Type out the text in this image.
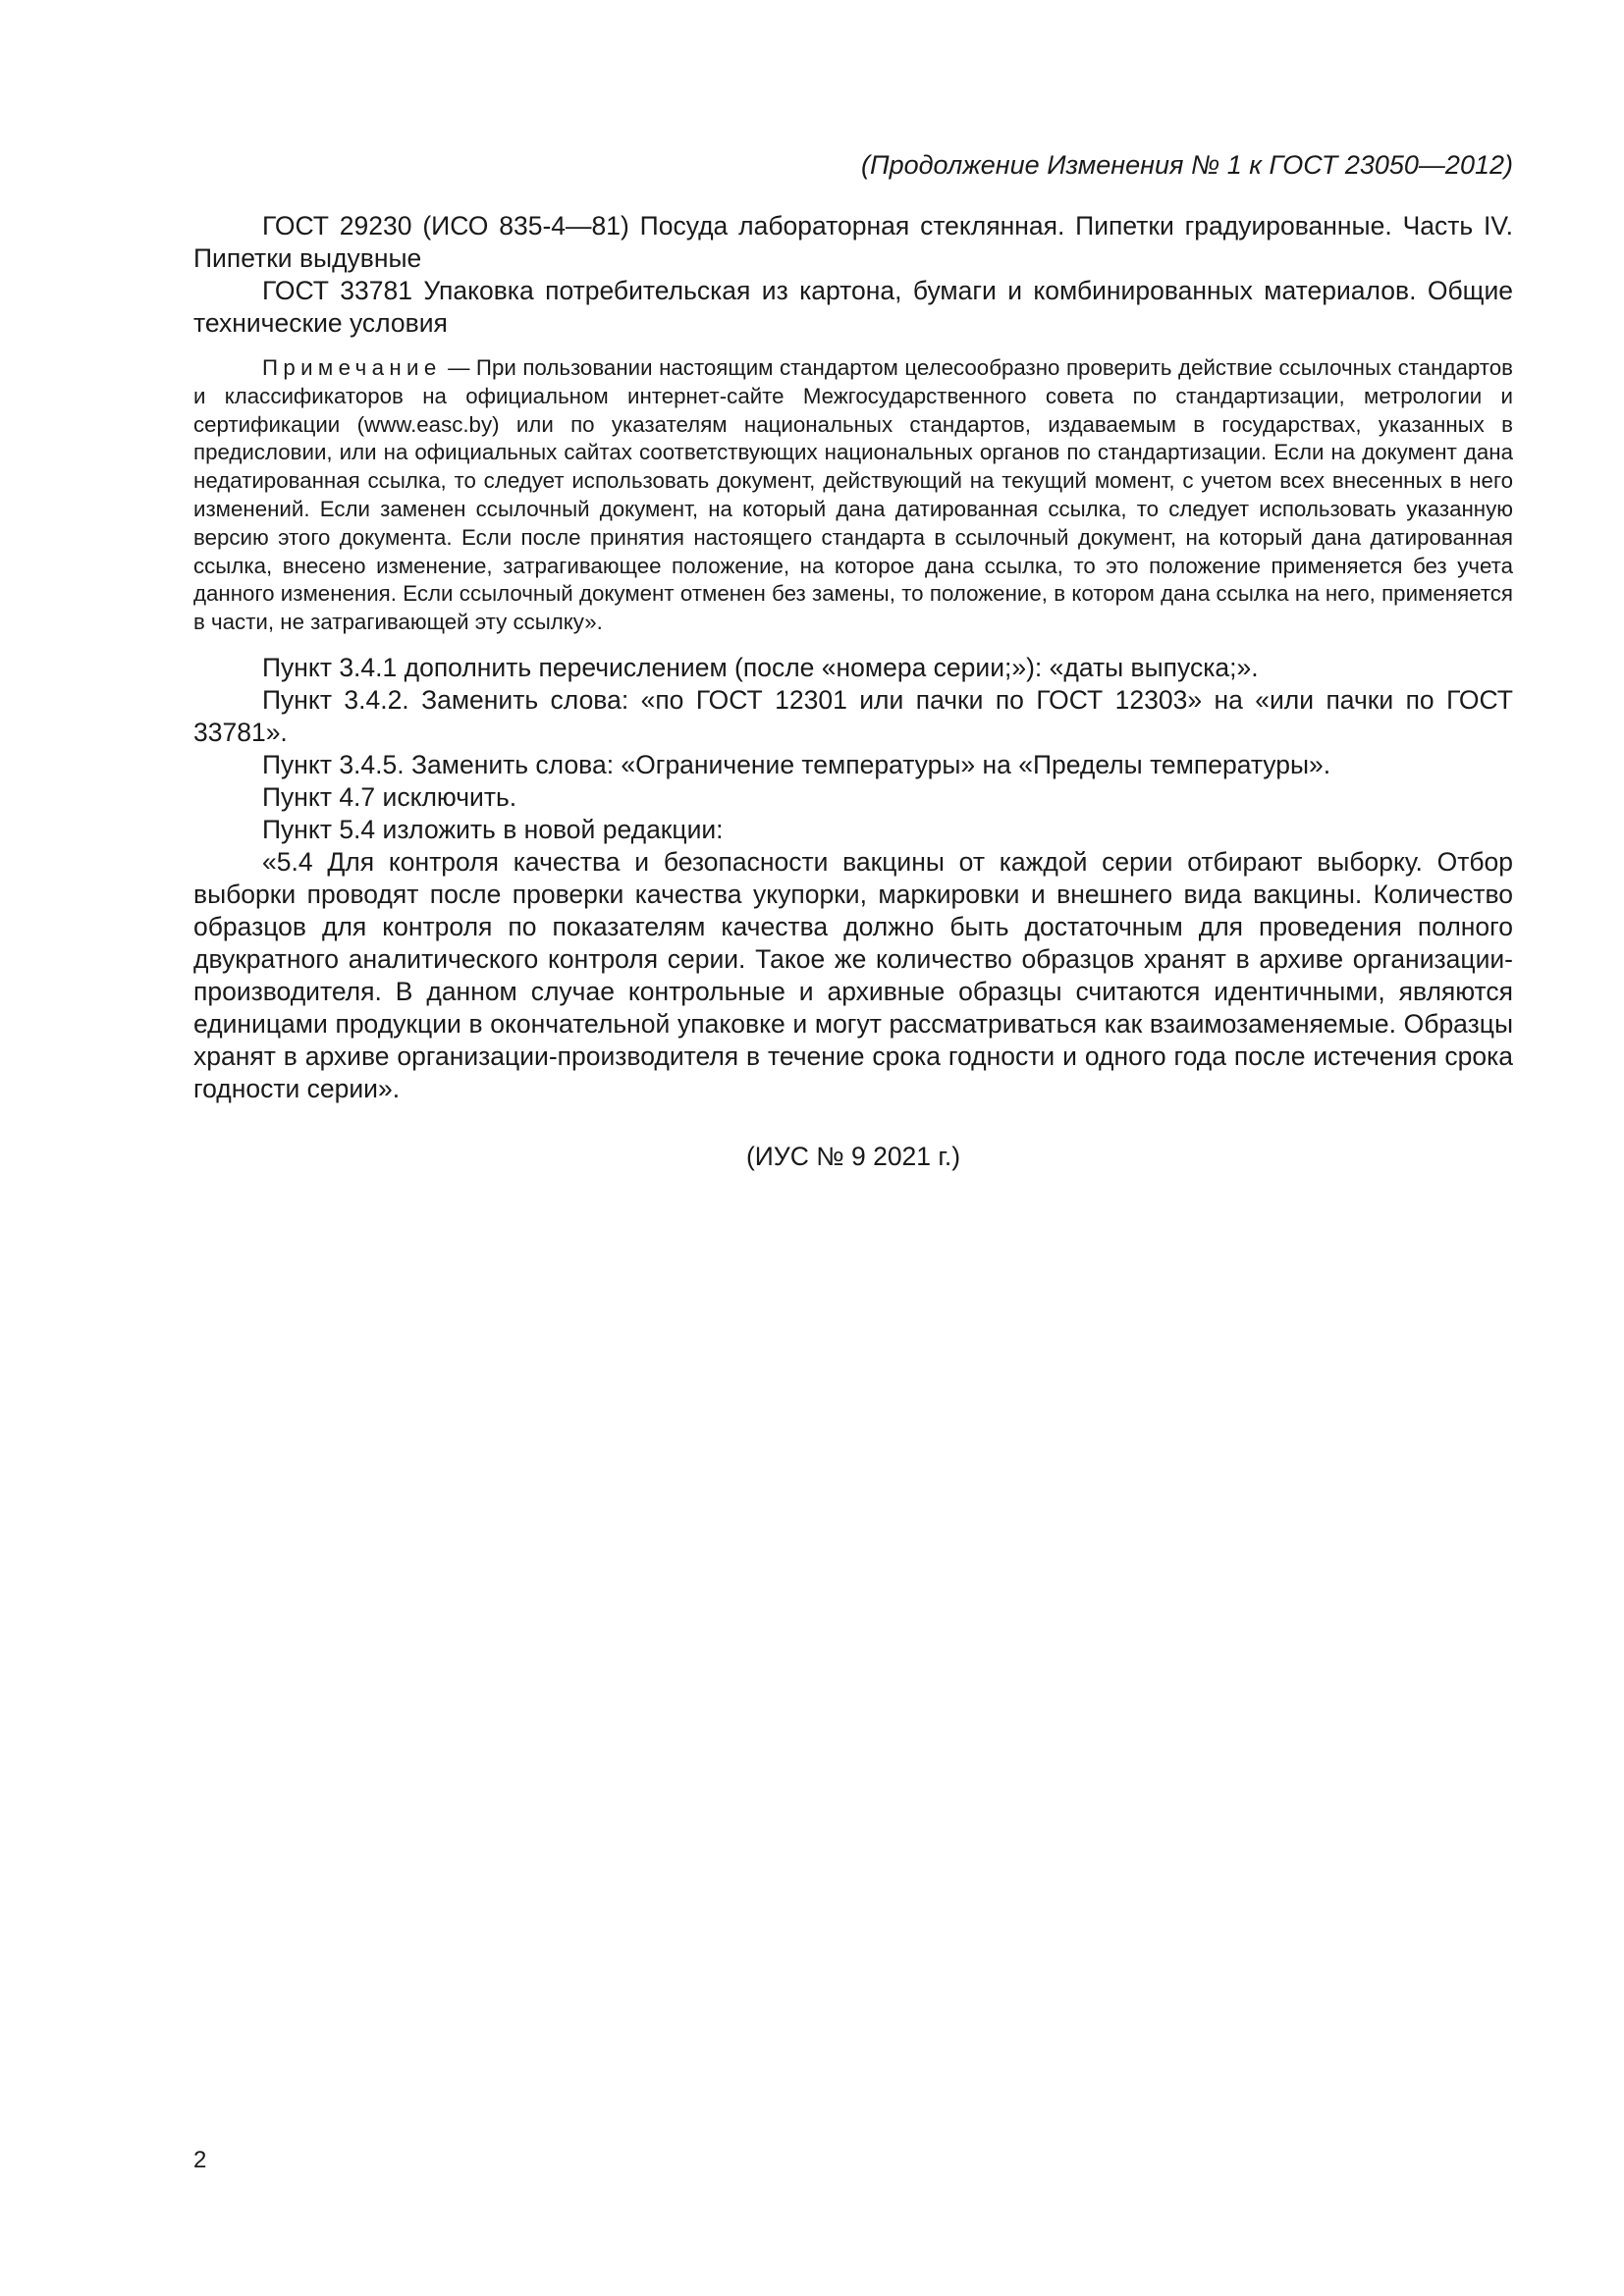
(Продолжение Изменения № 1 к ГОСТ 23050—2012)

ГОСТ 29230 (ИСО 835-4—81) Посуда лабораторная стеклянная. Пипетки градуированные. Часть IV. Пипетки выдувные

ГОСТ 33781 Упаковка потребительская из картона, бумаги и комбинированных материалов. Общие технические условия

Примечание — При пользовании настоящим стандартом целесообразно проверить действие ссылочных стандартов и классификаторов на официальном интернет-сайте Межгосударственного совета по стандартизации, метрологии и сертификации (www.easc.by) или по указателям национальных стандартов, издаваемым в государствах, указанных в предисловии, или на официальных сайтах соответствующих национальных органов по стандартизации. Если на документ дана недатированная ссылка, то следует использовать документ, действующий на текущий момент, с учетом всех внесенных в него изменений. Если заменен ссылочный документ, на который дана датированная ссылка, то следует использовать указанную версию этого документа. Если после принятия настоящего стандарта в ссылочный документ, на который дана датированная ссылка, внесено изменение, затрагивающее положение, на которое дана ссылка, то это положение применяется без учета данного изменения. Если ссылочный документ отменен без замены, то положение, в котором дана ссылка на него, применяется в части, не затрагивающей эту ссылку».

Пункт 3.4.1 дополнить перечислением (после «номера серии;»): «даты выпуска;».

Пункт 3.4.2. Заменить слова: «по ГОСТ 12301 или пачки по ГОСТ 12303» на «или пачки по ГОСТ 33781».

Пункт 3.4.5. Заменить слова: «Ограничение температуры» на «Пределы температуры».

Пункт 4.7 исключить.

Пункт 5.4 изложить в новой редакции:

«5.4 Для контроля качества и безопасности вакцины от каждой серии отбирают выборку. Отбор выборки проводят после проверки качества укупорки, маркировки и внешнего вида вакцины. Количество образцов для контроля по показателям качества должно быть достаточным для проведения полного двукратного аналитического контроля серии. Такое же количество образцов хранят в архиве организации-производителя. В данном случае контрольные и архивные образцы считаются идентичными, являются единицами продукции в окончательной упаковке и могут рассматриваться как взаимозаменяемые. Образцы хранят в архиве организации-производителя в течение срока годности и одного года после истечения срока годности серии».

(ИУС № 9 2021 г.)
2
